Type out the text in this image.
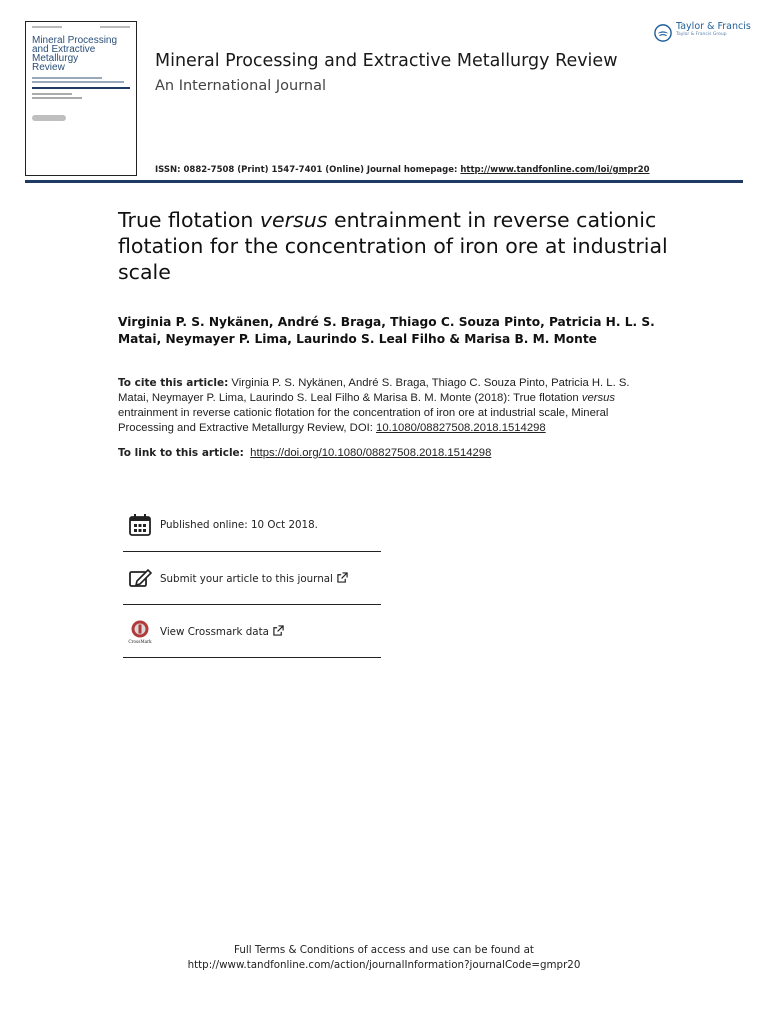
Mineral Processing
and Extractive
Metallurgy
Review	Mineral Processing and Extractive Metallurgy Review
An International Journal
ISSN: 0882-7508 (Print) 1547-7401 (Online) Journal homepage: http://www.tandfonline.com/loi/gmpr20
Taylor & Francis
Taylor & Francis Group
True flotation versus entrainment in reverse cationic flotation for the concentration of iron ore at industrial scale
Virginia P. S. Nykänen, André S. Braga, Thiago C. Souza Pinto, Patricia H. L. S. Matai, Neymayer P. Lima, Laurindo S. Leal Filho & Marisa B. M. Monte
To cite this article: Virginia P. S. Nykänen, André S. Braga, Thiago C. Souza Pinto, Patricia H. L. S. Matai, Neymayer P. Lima, Laurindo S. Leal Filho & Marisa B. M. Monte (2018): True flotation versus entrainment in reverse cationic flotation for the concentration of iron ore at industrial scale, Mineral Processing and Extractive Metallurgy Review, DOI: 10.1080/08827508.2018.1514298
To link to this article: https://doi.org/10.1080/08827508.2018.1514298
Published online: 10 Oct 2018.
Submit your article to this journal
CrossMark
View Crossmark data
Full Terms & Conditions of access and use can be found at
http://www.tandfonline.com/action/journalInformation?journalCode=gmpr20
